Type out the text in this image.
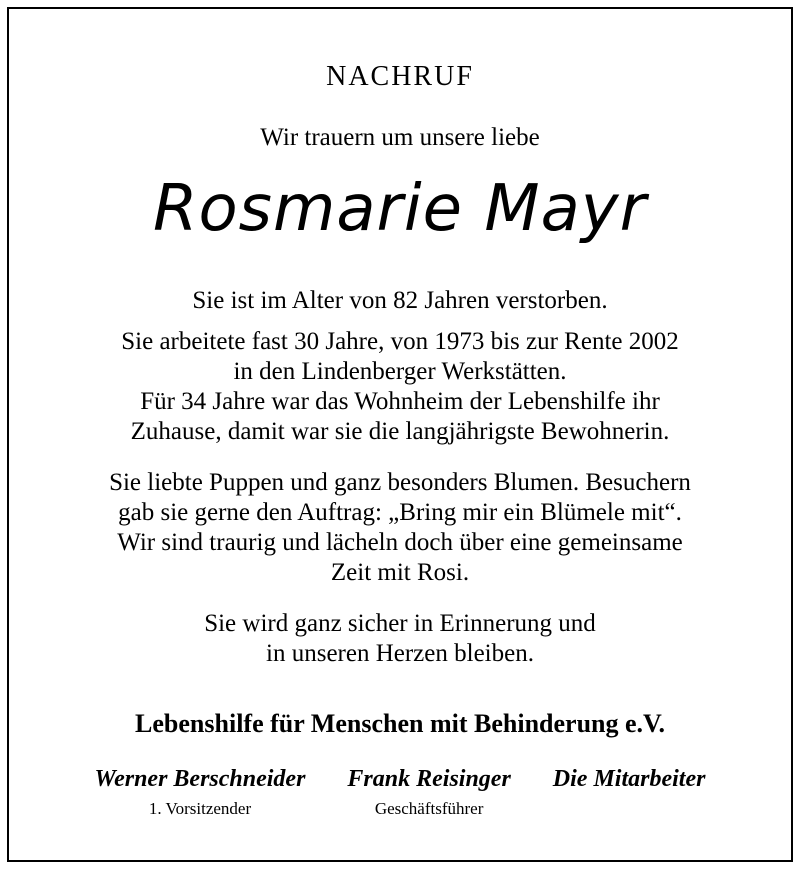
NACHRUF
Wir trauern um unsere liebe
Rosmarie Mayr
Sie ist im Alter von 82 Jahren verstorben.
Sie arbeitete fast 30 Jahre, von 1973 bis zur Rente 2002
in den Lindenberger Werkstätten.
Für 34 Jahre war das Wohnheim der Lebenshilfe ihr
Zuhause, damit war sie die langjährigste Bewohnerin.
Sie liebte Puppen und ganz besonders Blumen. Besuchern
gab sie gerne den Auftrag: „Bring mir ein Blümele mit“.
Wir sind traurig und lächeln doch über eine gemeinsame
Zeit mit Rosi.
Sie wird ganz sicher in Erinnerung und
in unseren Herzen bleiben.
Lebenshilfe für Menschen mit Behinderung e.V.
Werner Berschneider
1. Vorsitzender
Frank Reisinger
Geschäftsführer
Die Mitarbeiter
